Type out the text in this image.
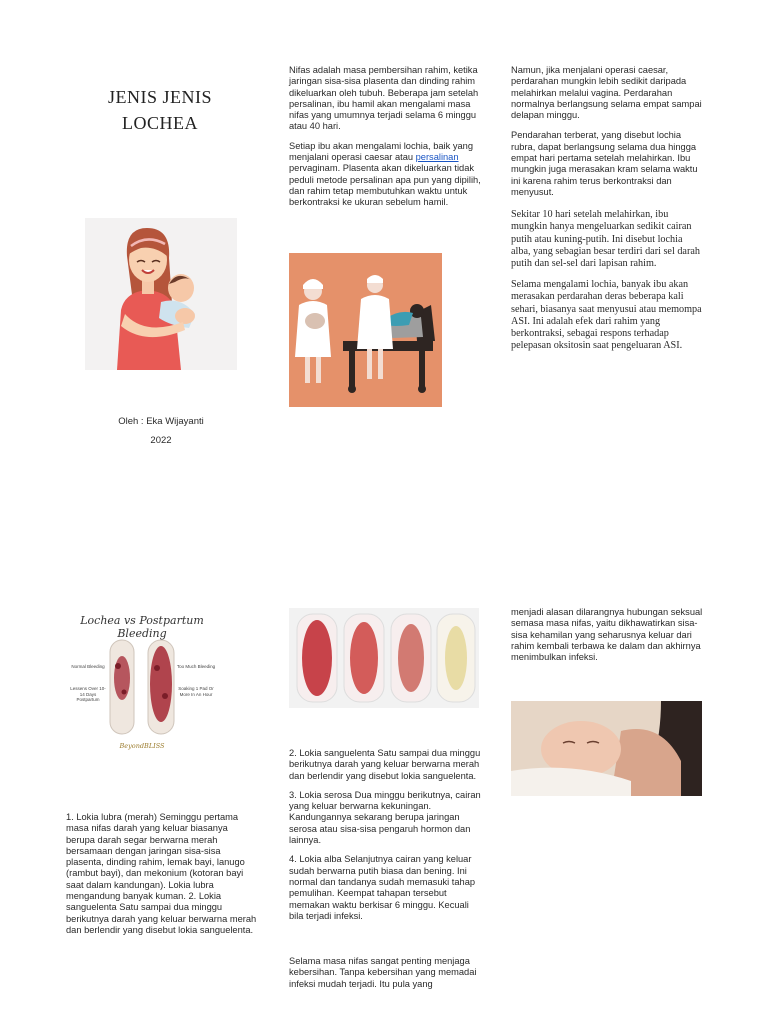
JENIS JENIS
LOCHEA
Oleh : Eka Wijayanti
2022

Nifas adalah masa pembersihan rahim, ketika jaringan sisa-sisa plasenta dan dinding rahim dikeluarkan oleh tubuh. Beberapa jam setelah persalinan, ibu hamil akan mengalami masa nifas yang umumnya terjadi selama 6 minggu atau 40 hari.

Setiap ibu akan mengalami lochia, baik yang menjalani operasi caesar atau persalinan pervaginam. Plasenta akan dikeluarkan tidak peduli metode persalinan apa pun yang dipilih, dan rahim tetap membutuhkan waktu untuk berkontraksi ke ukuran sebelum hamil.

Namun, jika menjalani operasi caesar, perdarahan mungkin lebih sedikit daripada melahirkan melalui vagina. Perdarahan normalnya berlangsung selama empat sampai delapan minggu.

Pendarahan terberat, yang disebut lochia rubra, dapat berlangsung selama dua hingga empat hari pertama setelah melahirkan. Ibu mungkin juga merasakan kram selama waktu ini karena rahim terus berkontraksi dan menyusut.

Sekitar 10 hari setelah melahirkan, ibu mungkin hanya mengeluarkan sedikit cairan putih atau kuning-putih. Ini disebut lochia alba, yang sebagian besar terdiri dari sel darah putih dan sel-sel dari lapisan rahim.

Selama mengalami lochia, banyak ibu akan merasakan perdarahan deras beberapa kali sehari, biasanya saat menyusui atau memompa ASI. Ini adalah efek dari rahim yang berkontraksi, sebagai respons terhadap pelepasan oksitosin saat pengeluaran ASI.

Lochea vs Postpartum Bleeding
Normal Bleeding
Lessens Over 10-14 Days Postpartum
Too Much Bleeding
Soaking 1 Pad Or More In An Hour
BeyondBLISS
1. Lokia lubra (merah) Seminggu pertama masa nifas darah yang keluar biasanya berupa darah segar berwarna merah bersamaan dengan jaringan sisa-sisa plasenta, dinding rahim, lemak bayi, lanugo (rambut bayi), dan mekonium (kotoran bayi saat dalam kandungan). Lokia lubra mengandung banyak kuman. 2. Lokia sanguelenta Satu sampai dua minggu berikutnya darah yang keluar berwarna merah dan berlendir yang disebut lokia sanguelenta.

2. Lokia sanguelenta Satu sampai dua minggu berikutnya darah yang keluar berwarna merah dan berlendir yang disebut lokia sanguelenta.

3. Lokia serosa Dua minggu berikutnya, cairan yang keluar berwarna kekuningan. Kandungannya sekarang berupa jaringan serosa atau sisa-sisa pengaruh hormon dan lainnya.

4. Lokia alba Selanjutnya cairan yang keluar sudah berwarna putih biasa dan bening. Ini normal dan tandanya sudah memasuki tahap pemulihan. Keempat tahapan tersebut memakan waktu berkisar 6 minggu. Kecuali bila terjadi infeksi.

Selama masa nifas sangat penting menjaga kebersihan. Tanpa kebersihan yang memadai infeksi mudah terjadi. Itu pula yang

menjadi alasan dilarangnya hubungan seksual semasa masa nifas, yaitu dikhawatirkan sisa-sisa kehamilan yang seharusnya keluar dari rahim kembali terbawa ke dalam dan akhirnya menimbulkan infeksi.
